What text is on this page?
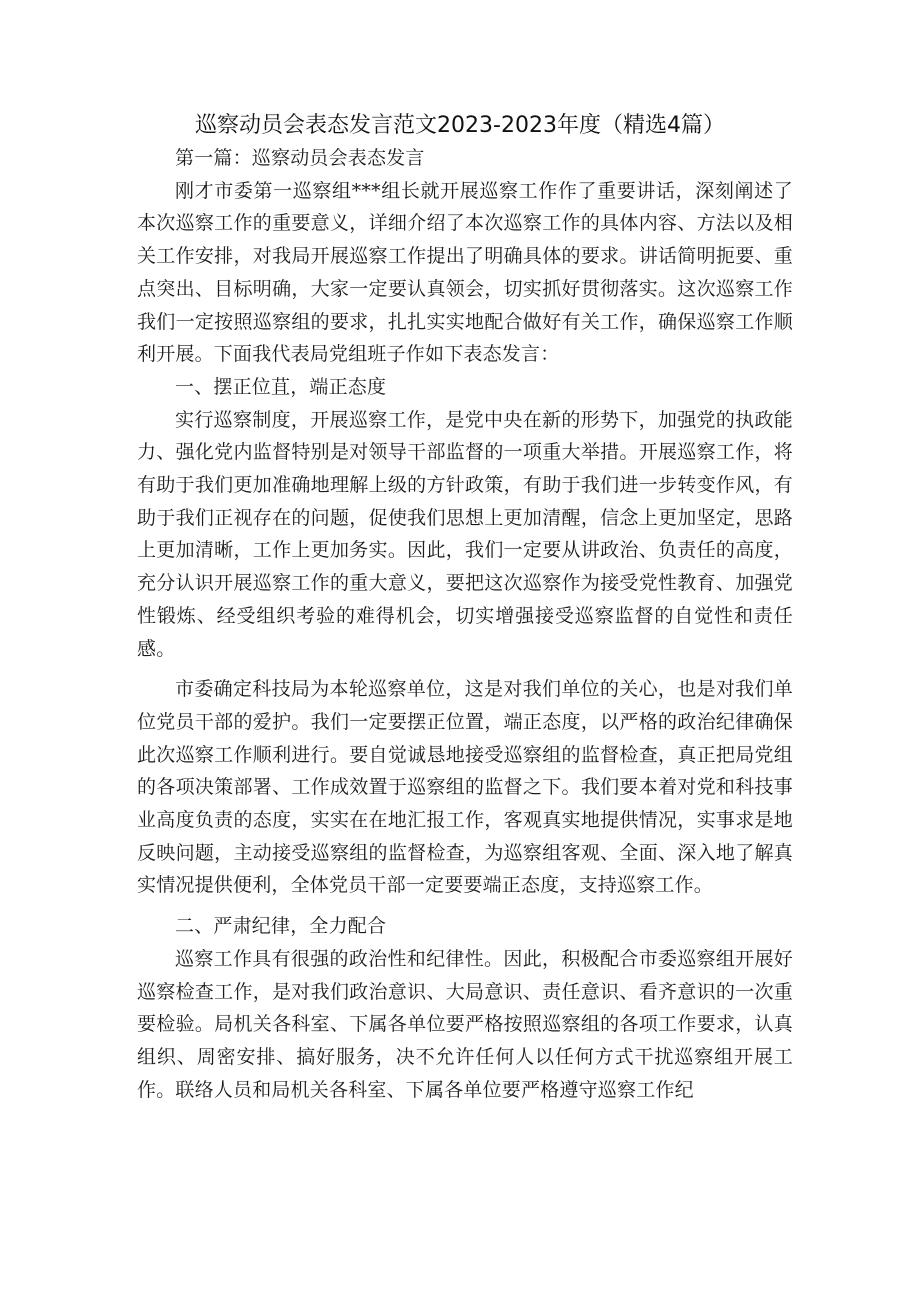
巡察动员会表态发言范文2023-2023年度（精选4篇）

第一篇：巡察动员会表态发言

刚才市委第一巡察组***组长就开展巡察工作作了重要讲话，深刻阐述了本次巡察工作的重要意义，详细介绍了本次巡察工作的具体内容、方法以及相关工作安排，对我局开展巡察工作提出了明确具体的要求。讲话简明扼要、重点突出、目标明确，大家一定要认真领会，切实抓好贯彻落实。这次巡察工作我们一定按照巡察组的要求，扎扎实实地配合做好有关工作，确保巡察工作顺利开展。下面我代表局党组班子作如下表态发言：

一、摆正位苴，端正态度

实行巡察制度，开展巡察工作，是党中央在新的形势下，加强党的执政能力、强化党内监督特别是对领导干部监督的一项重大举措。开展巡察工作，将有助于我们更加准确地理解上级的方针政策，有助于我们进一步转变作风，有助于我们正视存在的问题，促使我们思想上更加清醒，信念上更加坚定，思路上更加清晰，工作上更加务实。因此，我们一定要从讲政治、负责任的高度，充分认识开展巡察工作的重大意义，要把这次巡察作为接受党性教育、加强党性锻炼、经受组织考验的难得机会，切实增强接受巡察监督的自觉性和责任感。

市委确定科技局为本轮巡察单位，这是对我们单位的关心，也是对我们单位党员干部的爱护。我们一定要摆正位置，端正态度，以严格的政治纪律确保此次巡察工作顺利进行。要自觉诚恳地接受巡察组的监督检查，真正把局党组的各项决策部署、工作成效置于巡察组的监督之下。我们要本着对党和科技事业高度负责的态度，实实在在地汇报工作，客观真实地提供情况，实事求是地反映问题，主动接受巡察组的监督检查，为巡察组客观、全面、深入地了解真实情况提供便利，全体党员干部一定要要端正态度，支持巡察工作。

二、严肃纪律，全力配合

巡察工作具有很强的政治性和纪律性。因此，积极配合市委巡察组开展好巡察检查工作，是对我们政治意识、大局意识、责任意识、看齐意识的一次重要检验。局机关各科室、下属各单位要严格按照巡察组的各项工作要求，认真组织、周密安排、搞好服务，决不允许任何人以任何方式干扰巡察组开展工作。联络人员和局机关各科室、下属各单位要严格遵守巡察工作纪
